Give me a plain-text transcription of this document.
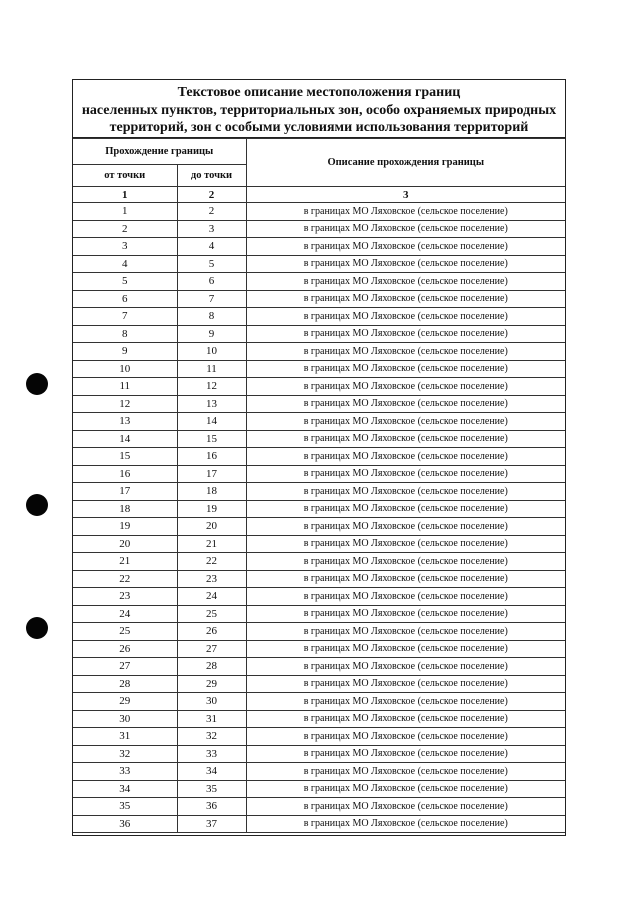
Текстовое описание местоположения границ
населенных пунктов, территориальных зон, особо охраняемых природных
территорий, зон с особыми условиями использования территорий
Прохождение границы		Описание прохождения границы
от точки	до точки	
1	2	3
1	2	в границах МО Ляховское (сельское поселение)
2	3	в границах МО Ляховское (сельское поселение)
3	4	в границах МО Ляховское (сельское поселение)
4	5	в границах МО Ляховское (сельское поселение)
5	6	в границах МО Ляховское (сельское поселение)
6	7	в границах МО Ляховское (сельское поселение)
7	8	в границах МО Ляховское (сельское поселение)
8	9	в границах МО Ляховское (сельское поселение)
9	10	в границах МО Ляховское (сельское поселение)
10	11	в границах МО Ляховское (сельское поселение)
11	12	в границах МО Ляховское (сельское поселение)
12	13	в границах МО Ляховское (сельское поселение)
13	14	в границах МО Ляховское (сельское поселение)
14	15	в границах МО Ляховское (сельское поселение)
15	16	в границах МО Ляховское (сельское поселение)
16	17	в границах МО Ляховское (сельское поселение)
17	18	в границах МО Ляховское (сельское поселение)
18	19	в границах МО Ляховское (сельское поселение)
19	20	в границах МО Ляховское (сельское поселение)
20	21	в границах МО Ляховское (сельское поселение)
21	22	в границах МО Ляховское (сельское поселение)
22	23	в границах МО Ляховское (сельское поселение)
23	24	в границах МО Ляховское (сельское поселение)
24	25	в границах МО Ляховское (сельское поселение)
25	26	в границах МО Ляховское (сельское поселение)
26	27	в границах МО Ляховское (сельское поселение)
27	28	в границах МО Ляховское (сельское поселение)
28	29	в границах МО Ляховское (сельское поселение)
29	30	в границах МО Ляховское (сельское поселение)
30	31	в границах МО Ляховское (сельское поселение)
31	32	в границах МО Ляховское (сельское поселение)
32	33	в границах МО Ляховское (сельское поселение)
33	34	в границах МО Ляховское (сельское поселение)
34	35	в границах МО Ляховское (сельское поселение)
35	36	в границах МО Ляховское (сельское поселение)
36	37	в границах МО Ляховское (сельское поселение)
